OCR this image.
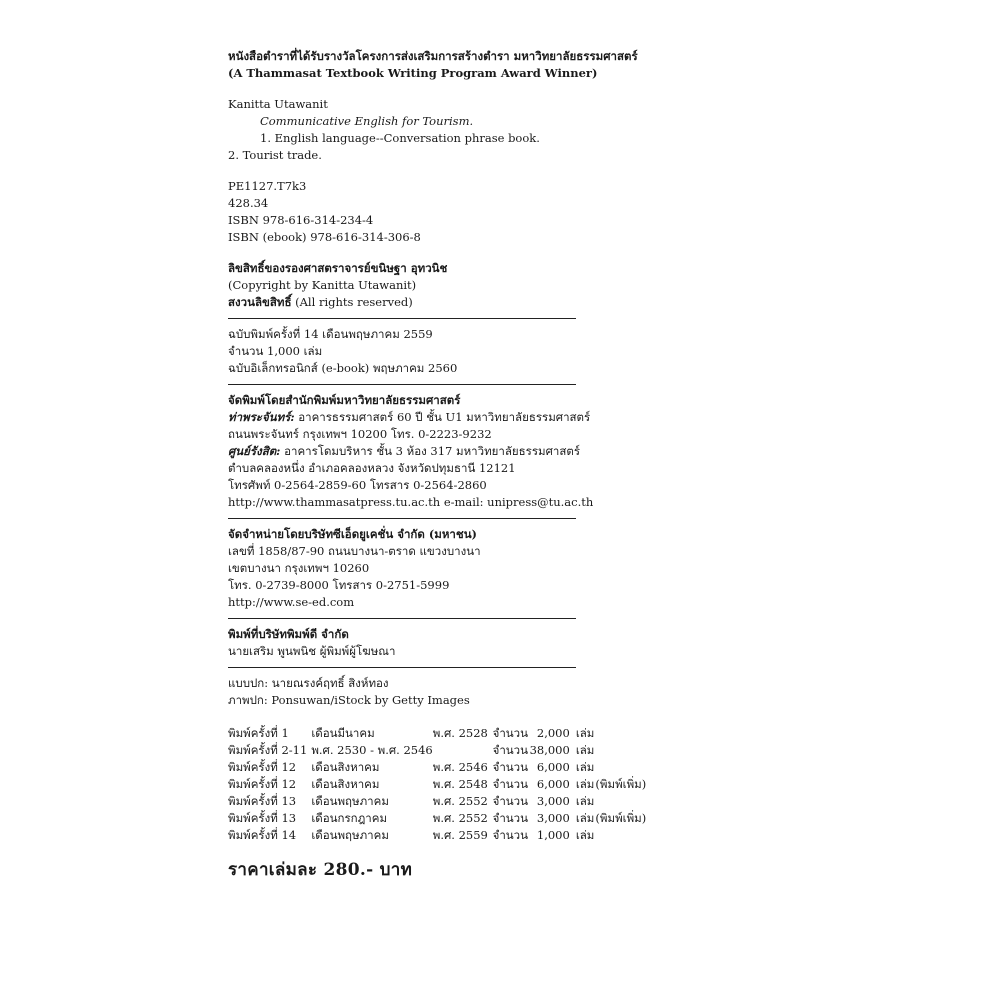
หนังสือตำราที่ได้รับรางวัลโครงการส่งเสริมการสร้างตำรา มหาวิทยาลัยธรรมศาสตร์
(A Thammasat Textbook Writing Program Award Winner)
Kanitta Utawanit
Communicative English for Tourism.
1. English language--Conversation phrase book.
2. Tourist trade.
PE1127.T7k3
428.34
ISBN 978-616-314-234-4
ISBN (ebook) 978-616-314-306-8
ลิขสิทธิ์ของรองศาสตราจารย์ขนิษฐา อุทวนิช
(Copyright by Kanitta Utawanit)
สงวนลิขสิทธิ์ (All rights reserved)
ฉบับพิมพ์ครั้งที่ 14 เดือนพฤษภาคม 2559
จำนวน 1,000 เล่ม
ฉบับอิเล็กทรอนิกส์ (e-book) พฤษภาคม 2560
จัดพิมพ์โดยสำนักพิมพ์มหาวิทยาลัยธรรมศาสตร์
ท่าพระจันทร์: อาคารธรรมศาสตร์ 60 ปี ชั้น U1 มหาวิทยาลัยธรรมศาสตร์
ถนนพระจันทร์ กรุงเทพฯ 10200 โทร. 0-2223-9232
ศูนย์รังสิต: อาคารโดมบริหาร ชั้น 3 ห้อง 317 มหาวิทยาลัยธรรมศาสตร์
ตำบลคลองหนึ่ง อำเภอคลองหลวง จังหวัดปทุมธานี 12121
โทรศัพท์ 0-2564-2859-60 โทรสาร 0-2564-2860
http://www.thammasatpress.tu.ac.th e-mail: unipress@tu.ac.th
จัดจำหน่ายโดยบริษัทซีเอ็ดยูเคชั่น จำกัด (มหาชน)
เลขที่ 1858/87-90 ถนนบางนา-ตราด แขวงบางนา
เขตบางนา กรุงเทพฯ 10260
โทร. 0-2739-8000 โทรสาร 0-2751-5999
http://www.se-ed.com
พิมพ์ที่บริษัทพิมพ์ดี จำกัด
นายเสริม พูนพนิช ผู้พิมพ์ผู้โฆษณา
แบบปก: นายณรงค์ฤทธิ์ สิงห์ทอง
ภาพปก: Ponsuwan/iStock by Getty Images
พิมพ์ครั้งที่ 1	เดือนมีนาคม	พ.ศ. 2528	จำนวน	2,000	เล่ม	
พิมพ์ครั้งที่ 2-11	พ.ศ. 2530 - พ.ศ. 2546		จำนวน	38,000	เล่ม	
พิมพ์ครั้งที่ 12	เดือนสิงหาคม	พ.ศ. 2546	จำนวน	6,000	เล่ม	
พิมพ์ครั้งที่ 12	เดือนสิงหาคม	พ.ศ. 2548	จำนวน	6,000	เล่ม	(พิมพ์เพิ่ม)
พิมพ์ครั้งที่ 13	เดือนพฤษภาคม	พ.ศ. 2552	จำนวน	3,000	เล่ม	
พิมพ์ครั้งที่ 13	เดือนกรกฎาคม	พ.ศ. 2552	จำนวน	3,000	เล่ม	(พิมพ์เพิ่ม)
พิมพ์ครั้งที่ 14	เดือนพฤษภาคม	พ.ศ. 2559	จำนวน	1,000	เล่ม	
ราคาเล่มละ 280.- บาท
